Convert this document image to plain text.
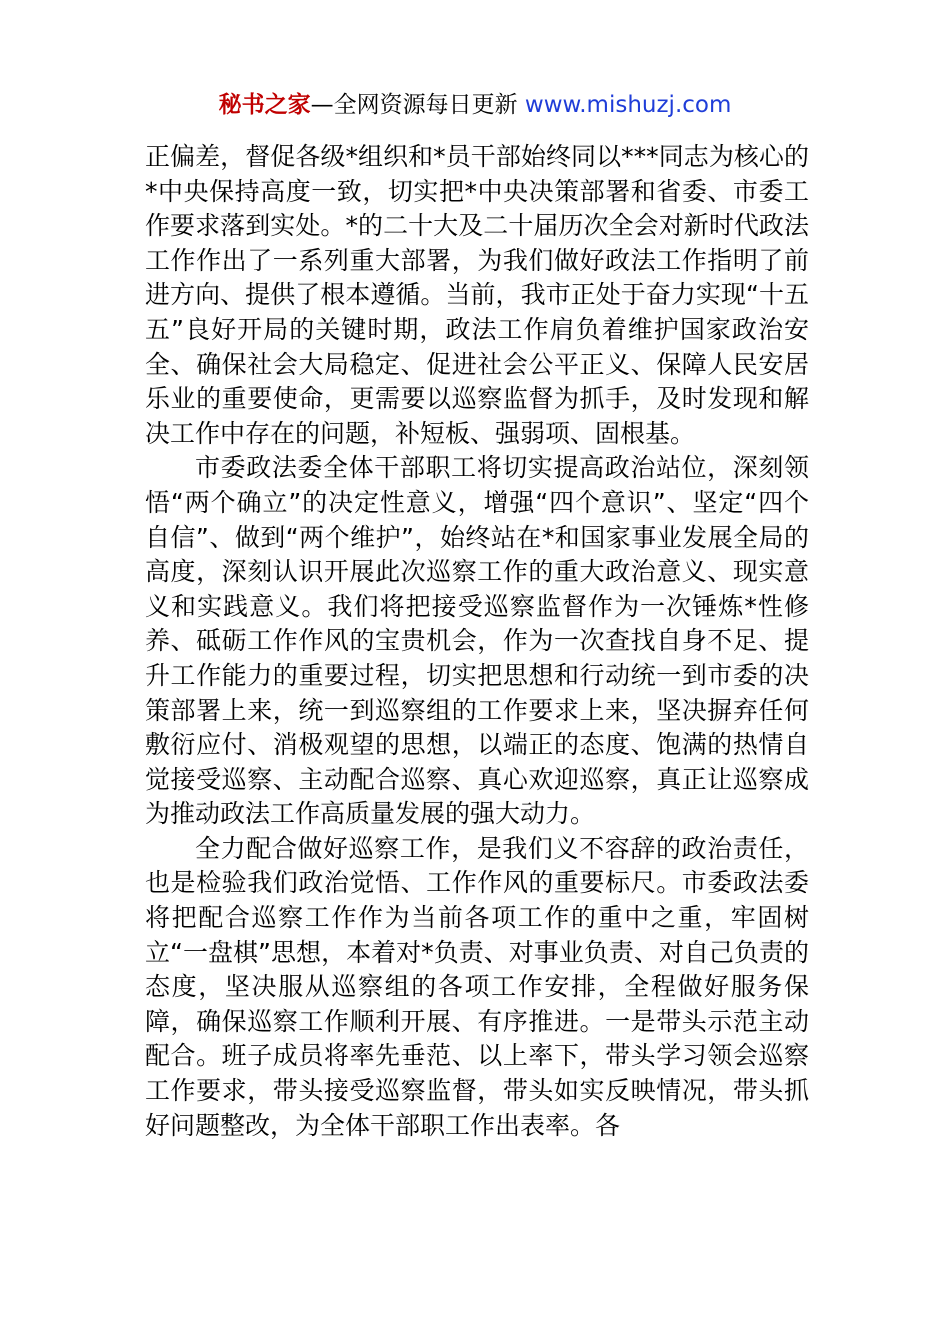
秘书之家—全网资源每日更新 www.mishuzj.com

正偏差，督促各级*组织和*员干部始终同以***同志为核心的*中央保持高度一致，切实把*中央决策部署和省委、市委工作要求落到实处。*的二十大及二十届历次全会对新时代政法工作作出了一系列重大部署，为我们做好政法工作指明了前进方向、提供了根本遵循。当前，我市正处于奋力实现“十五五”良好开局的关键时期，政法工作肩负着维护国家政治安全、确保社会大局稳定、促进社会公平正义、保障人民安居乐业的重要使命，更需要以巡察监督为抓手，及时发现和解决工作中存在的问题，补短板、强弱项、固根基。

市委政法委全体干部职工将切实提高政治站位，深刻领悟“两个确立”的决定性意义，增强“四个意识”、坚定“四个自信”、做到“两个维护”，始终站在*和国家事业发展全局的高度，深刻认识开展此次巡察工作的重大政治意义、现实意义和实践意义。我们将把接受巡察监督作为一次锤炼*性修养、砥砺工作作风的宝贵机会，作为一次查找自身不足、提升工作能力的重要过程，切实把思想和行动统一到市委的决策部署上来，统一到巡察组的工作要求上来，坚决摒弃任何敷衍应付、消极观望的思想，以端正的态度、饱满的热情自觉接受巡察、主动配合巡察、真心欢迎巡察，真正让巡察成为推动政法工作高质量发展的强大动力。

全力配合做好巡察工作，是我们义不容辞的政治责任，也是检验我们政治觉悟、工作作风的重要标尺。市委政法委将把配合巡察工作作为当前各项工作的重中之重，牢固树立“一盘棋”思想，本着对*负责、对事业负责、对自己负责的态度，坚决服从巡察组的各项工作安排，全程做好服务保障，确保巡察工作顺利开展、有序推进。一是带头示范主动配合。班子成员将率先垂范、以上率下，带头学习领会巡察工作要求，带头接受巡察监督，带头如实反映情况，带头抓好问题整改，为全体干部职工作出表率。各
